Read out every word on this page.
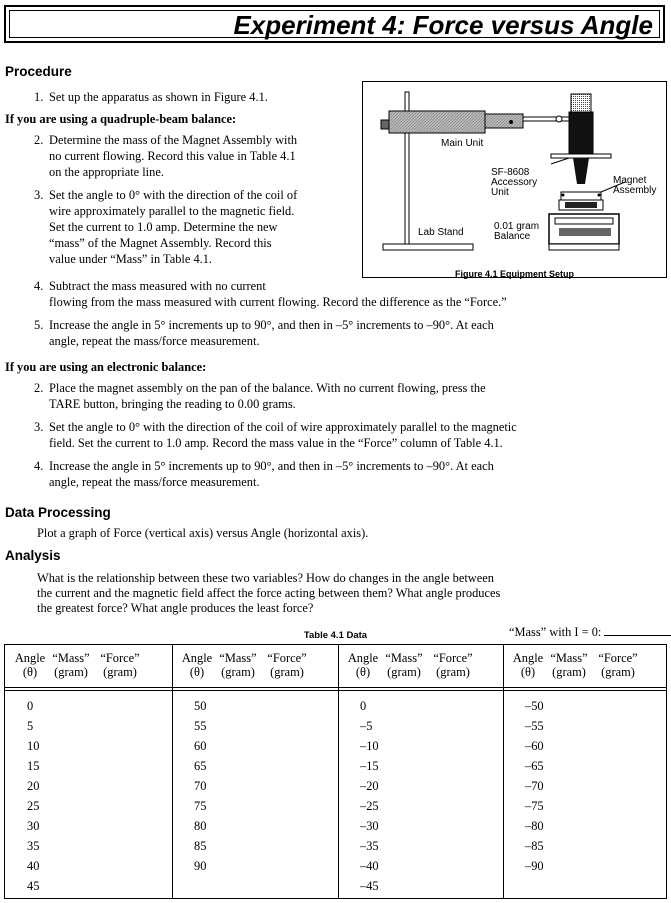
Experiment 4: Force versus Angle
Procedure
1. Set up the apparatus as shown in Figure 4.1.
If you are using a quadruple-beam balance:
2. Determine the mass of the Magnet Assembly with
no current flowing. Record this value in Table 4.1
on the appropriate line.
3. Set the angle to 0° with the direction of the coil of
wire approximately parallel to the magnetic field.
Set the current to 1.0 amp. Determine the new
“mass” of the Magnet Assembly. Record this
value under “Mass” in Table 4.1.
4. Subtract the mass measured with no current
flowing from the mass measured with current flowing. Record the difference as the “Force.”
5. Increase the angle in 5° increments up to 90°, and then in –5° increments to –90°. At each
angle, repeat the mass/force measurement.
If you are using an electronic balance:
2. Place the magnet assembly on the pan of the balance. With no current flowing, press the
TARE button, bringing the reading to 0.00 grams.
3. Set the angle to 0° with the direction of the coil of wire approximately parallel to the magnetic
field. Set the current to 1.0 amp. Record the mass value in the “Force” column of Table 4.1.
4. Increase the angle in 5° increments up to 90°, and then in –5° increments to –90°. At each
angle, repeat the mass/force measurement.
Data Processing
Plot a graph of Force (vertical axis) versus Angle (horizontal axis).
Analysis
What is the relationship between these two variables? How do changes in the angle between
the current and the magnetic field affect the force acting between them? What angle produces
the greatest force? What angle produces the least force?
Main Unit
SF-8608
Accessory
Unit
Magnet
Assembly
Lab Stand
0.01 gram
Balance
Figure 4.1 Equipment Setup
“Mass” with I = 0:
Table 4.1 Data
Angle
(θ)
“Mass”
(gram)
“Force”
(gram)
0
5
10
15
20
25
30
35
40
45
Angle
(θ)
“Mass”
(gram)
“Force”
(gram)
50
55
60
65
70
75
80
85
90
Angle
(θ)
“Mass”
(gram)
“Force”
(gram)
0
–5
–10
–15
–20
–25
–30
–35
–40
–45
Angle
(θ)
“Mass”
(gram)
“Force”
(gram)
–50
–55
–60
–65
–70
–75
–80
–85
–90
